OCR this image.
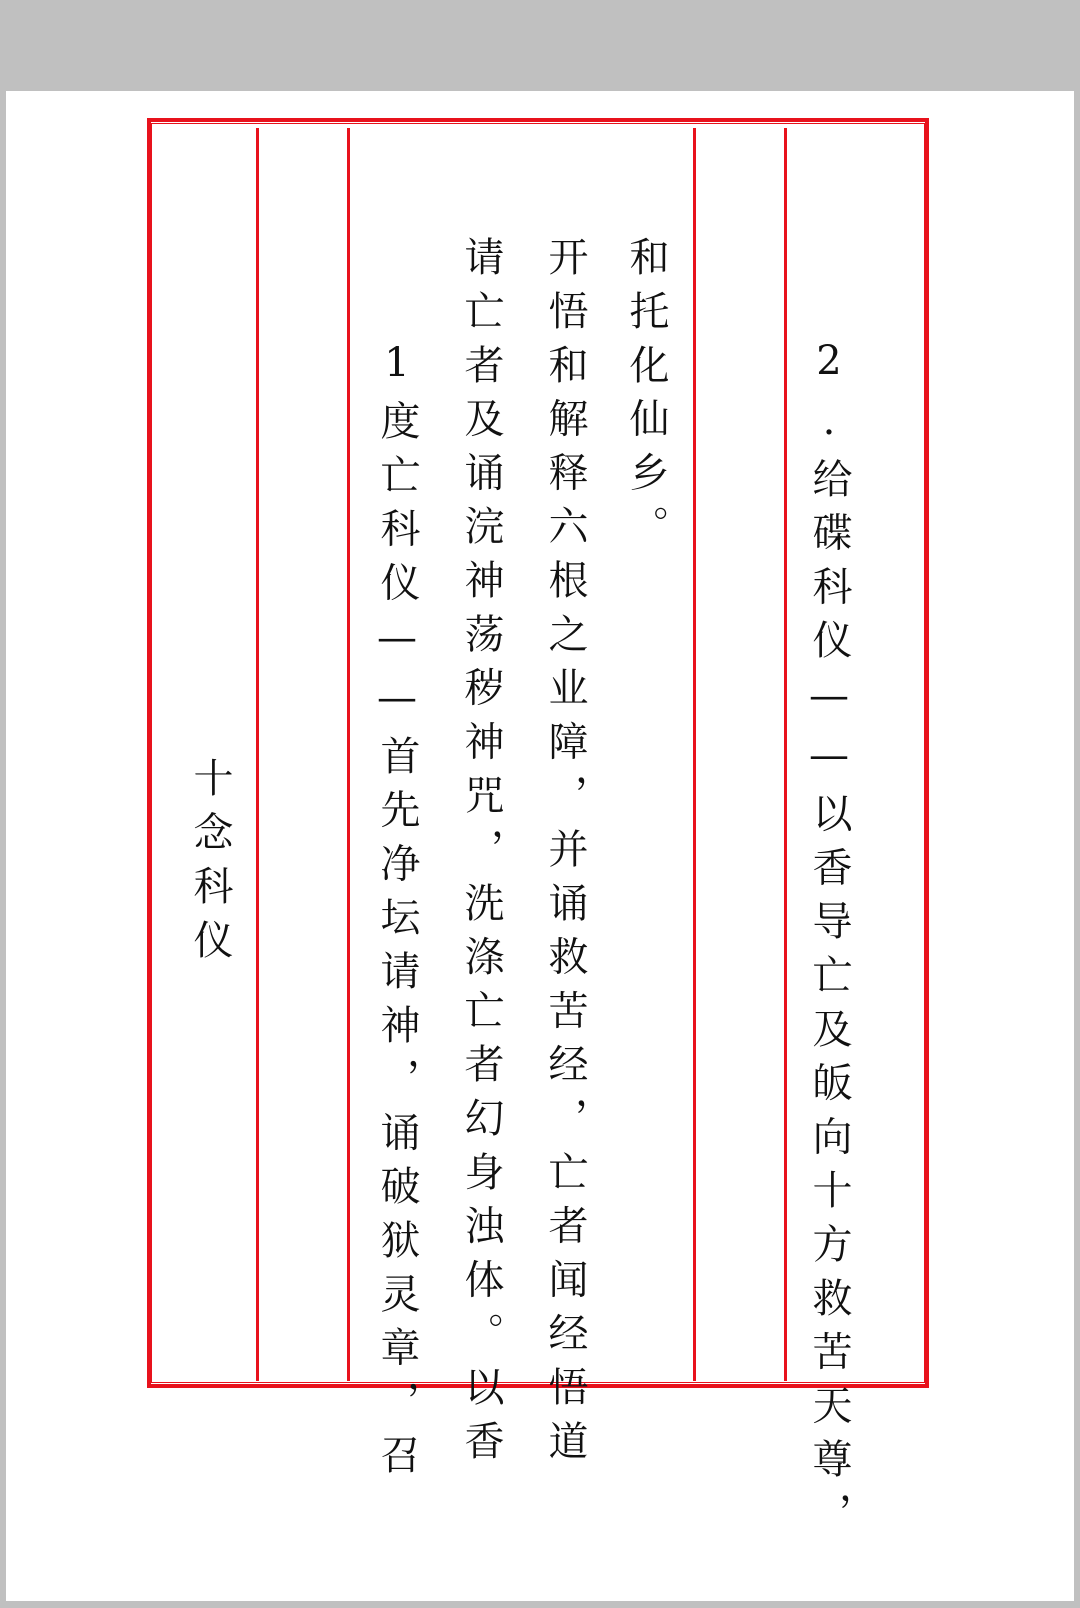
十念科仪	2.给碟科仪——以香导亡及皈向十方救苦天尊，
和托化仙乡。
开悟和解释六根之业障，并诵救苦经，亡者闻经悟道
请亡者及诵浣神荡秽神咒，洗涤亡者幻身浊体。以香
1度亡科仪——首先净坛请神，诵破狱灵章，召
